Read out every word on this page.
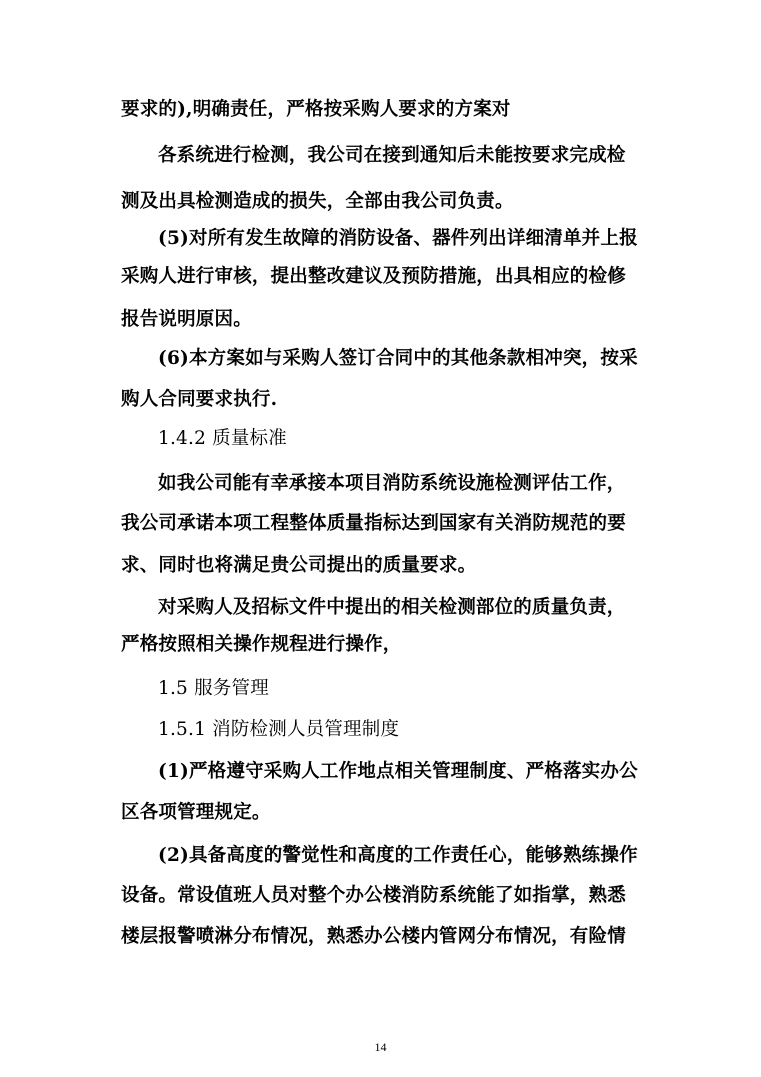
要求的),明确责任，严格按采购人要求的方案对
各系统进行检测，我公司在接到通知后未能按要求完成检
测及出具检测造成的损失，全部由我公司负责。
(5)对所有发生故障的消防设备、器件列出详细清单并上报
采购人进行审核，提出整改建议及预防措施，出具相应的检修
报告说明原因。
(6)本方案如与采购人签订合同中的其他条款相冲突，按采
购人合同要求执行.
1.4.2 质量标准
如我公司能有幸承接本项目消防系统设施检测评估工作，
我公司承诺本项工程整体质量指标达到国家有关消防规范的要
求、同时也将满足贵公司提出的质量要求。
对采购人及招标文件中提出的相关检测部位的质量负责，
严格按照相关操作规程进行操作，
1.5 服务管理
1.5.1 消防检测人员管理制度
(1)严格遵守采购人工作地点相关管理制度、严格落实办公
区各项管理规定。
(2)具备高度的警觉性和高度的工作责任心，能够熟练操作
设备。常设值班人员对整个办公楼消防系统能了如指掌，熟悉
楼层报警喷淋分布情况，熟悉办公楼内管网分布情况，有险情
14
